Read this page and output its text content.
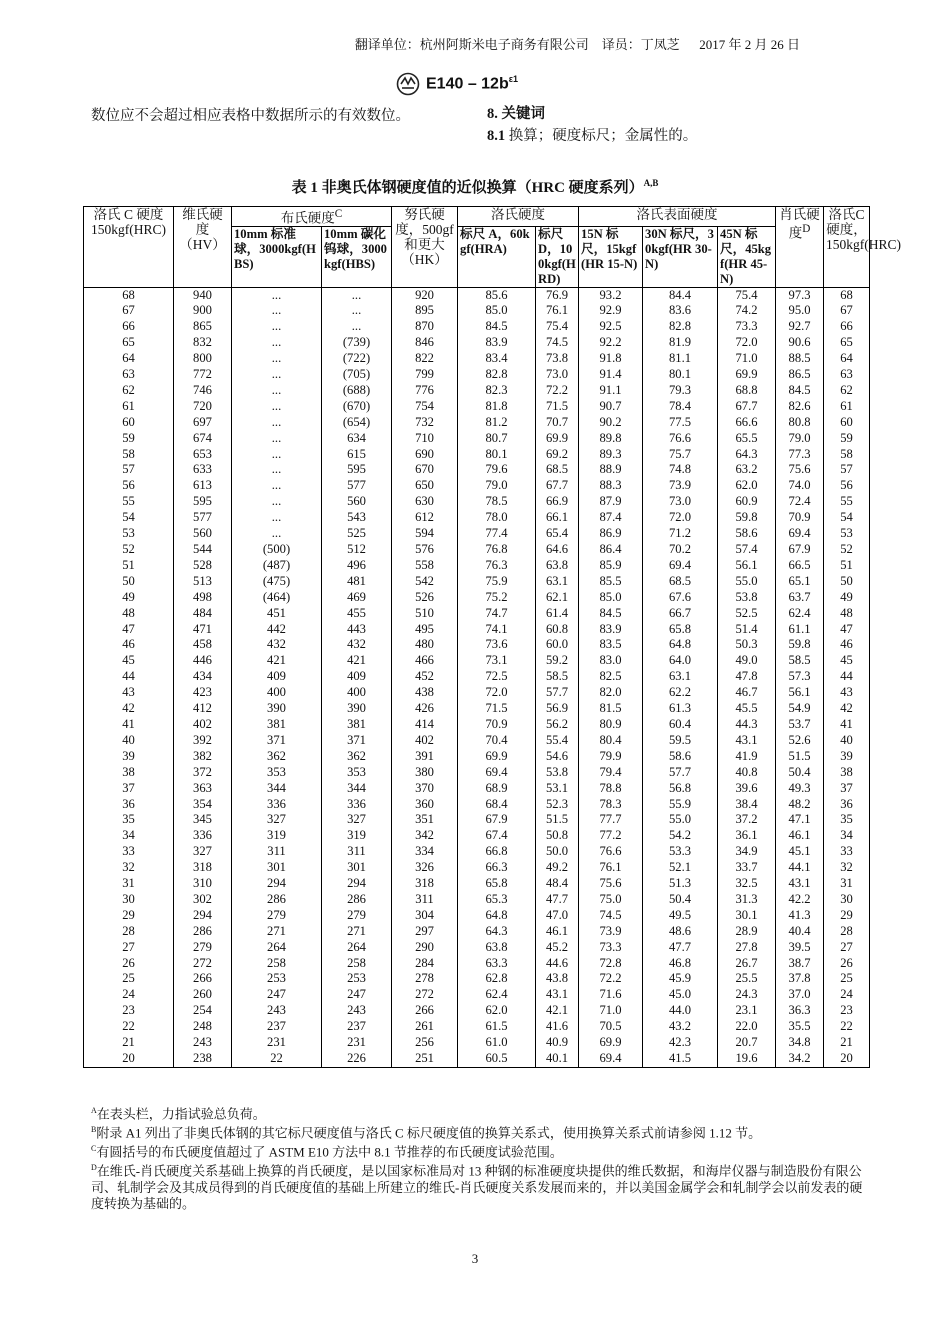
翻译单位：杭州阿斯米电子商务有限公司    译员：丁凤芝      2017 年 2 月 26 日
$E140 - 12b^{\varepsilon 1}$
数位应不会超过相应表格中数据所示的有效数位。	8. 关键词
8.1 换算；硬度标尺；金属性的。
表 1 非奥氏体钢硬度值的近似换算（HRC 硬度系列）$^{A,B}$
洛氏 C 硬度150kgf(HRC)	维氏硬度（HV）	布氏硬度$^C$		努氏硬度，500gf和更大（HK）	洛氏硬度		洛氏表面硬度			肖氏硬度$^D$	洛氏C 硬度，150kgf(HRC)
		10mm 标准球，3000kgf(HBS)	10mm 碳化钨球，3000kgf(HBS)		标尺 A，60kgf(HRA)	标尺 D，100kgf(HRD)	15N 标尺，15kgf(HR 15-N)	30N 标尺，30kgf(HR 30-N)	45N 标尺，45kgf(HR 45-N)		
68	940	...	...	920	85.6	76.9	93.2	84.4	75.4	97.3	68
67	900	...	...	895	85.0	76.1	92.9	83.6	74.2	95.0	67
66	865	...	...	870	84.5	75.4	92.5	82.8	73.3	92.7	66
65	832	...	(739)	846	83.9	74.5	92.2	81.9	72.0	90.6	65
64	800	...	(722)	822	83.4	73.8	91.8	81.1	71.0	88.5	64
63	772	...	(705)	799	82.8	73.0	91.4	80.1	69.9	86.5	63
62	746	...	(688)	776	82.3	72.2	91.1	79.3	68.8	84.5	62
61	720	...	(670)	754	81.8	71.5	90.7	78.4	67.7	82.6	61
60	697	...	(654)	732	81.2	70.7	90.2	77.5	66.6	80.8	60
59	674	...	634	710	80.7	69.9	89.8	76.6	65.5	79.0	59
58	653	...	615	690	80.1	69.2	89.3	75.7	64.3	77.3	58
57	633	...	595	670	79.6	68.5	88.9	74.8	63.2	75.6	57
56	613	...	577	650	79.0	67.7	88.3	73.9	62.0	74.0	56
55	595	...	560	630	78.5	66.9	87.9	73.0	60.9	72.4	55
54	577	...	543	612	78.0	66.1	87.4	72.0	59.8	70.9	54
53	560	...	525	594	77.4	65.4	86.9	71.2	58.6	69.4	53
52	544	(500)	512	576	76.8	64.6	86.4	70.2	57.4	67.9	52
51	528	(487)	496	558	76.3	63.8	85.9	69.4	56.1	66.5	51
50	513	(475)	481	542	75.9	63.1	85.5	68.5	55.0	65.1	50
49	498	(464)	469	526	75.2	62.1	85.0	67.6	53.8	63.7	49
48	484	451	455	510	74.7	61.4	84.5	66.7	52.5	62.4	48
47	471	442	443	495	74.1	60.8	83.9	65.8	51.4	61.1	47
46	458	432	432	480	73.6	60.0	83.5	64.8	50.3	59.8	46
45	446	421	421	466	73.1	59.2	83.0	64.0	49.0	58.5	45
44	434	409	409	452	72.5	58.5	82.5	63.1	47.8	57.3	44
43	423	400	400	438	72.0	57.7	82.0	62.2	46.7	56.1	43
42	412	390	390	426	71.5	56.9	81.5	61.3	45.5	54.9	42
41	402	381	381	414	70.9	56.2	80.9	60.4	44.3	53.7	41
40	392	371	371	402	70.4	55.4	80.4	59.5	43.1	52.6	40
39	382	362	362	391	69.9	54.6	79.9	58.6	41.9	51.5	39
38	372	353	353	380	69.4	53.8	79.4	57.7	40.8	50.4	38
37	363	344	344	370	68.9	53.1	78.8	56.8	39.6	49.3	37
36	354	336	336	360	68.4	52.3	78.3	55.9	38.4	48.2	36
35	345	327	327	351	67.9	51.5	77.7	55.0	37.2	47.1	35
34	336	319	319	342	67.4	50.8	77.2	54.2	36.1	46.1	34
33	327	311	311	334	66.8	50.0	76.6	53.3	34.9	45.1	33
32	318	301	301	326	66.3	49.2	76.1	52.1	33.7	44.1	32
31	310	294	294	318	65.8	48.4	75.6	51.3	32.5	43.1	31
30	302	286	286	311	65.3	47.7	75.0	50.4	31.3	42.2	30
29	294	279	279	304	64.8	47.0	74.5	49.5	30.1	41.3	29
28	286	271	271	297	64.3	46.1	73.9	48.6	28.9	40.4	28
27	279	264	264	290	63.8	45.2	73.3	47.7	27.8	39.5	27
26	272	258	258	284	63.3	44.6	72.8	46.8	26.7	38.7	26
25	266	253	253	278	62.8	43.8	72.2	45.9	25.5	37.8	25
24	260	247	247	272	62.4	43.1	71.6	45.0	24.3	37.0	24
23	254	243	243	266	62.0	42.1	71.0	44.0	23.1	36.3	23
22	248	237	237	261	61.5	41.6	70.5	43.2	22.0	35.5	22
21	243	231	231	256	61.0	40.9	69.9	42.3	20.7	34.8	21
20	238	22	226	251	60.5	40.1	69.4	41.5	19.6	34.2	20
$^A$在表头栏，力指试验总负荷。
$^B$附录 A1 列出了非奥氏体钢的其它标尺硬度值与洛氏 C 标尺硬度值的换算关系式，使用换算关系式前请参阅 1.12 节。
$^C$有圆括号的布氏硬度值超过了 ASTM E10 方法中 8.1 节推荐的布氏硬度试验范围。
$^D$在维氏-肖氏硬度关系基础上换算的肖氏硬度，是以国家标准局对 13 种钢的标准硬度块提供的维氏数据，和海岸仪器与制造股份有限公司、轧制学会及其成员得到的肖氏硬度值的基础上所建立的维氏-肖氏硬度关系发展而来的，并以美国金属学会和轧制学会以前发表的硬度转换为基础的。
3
